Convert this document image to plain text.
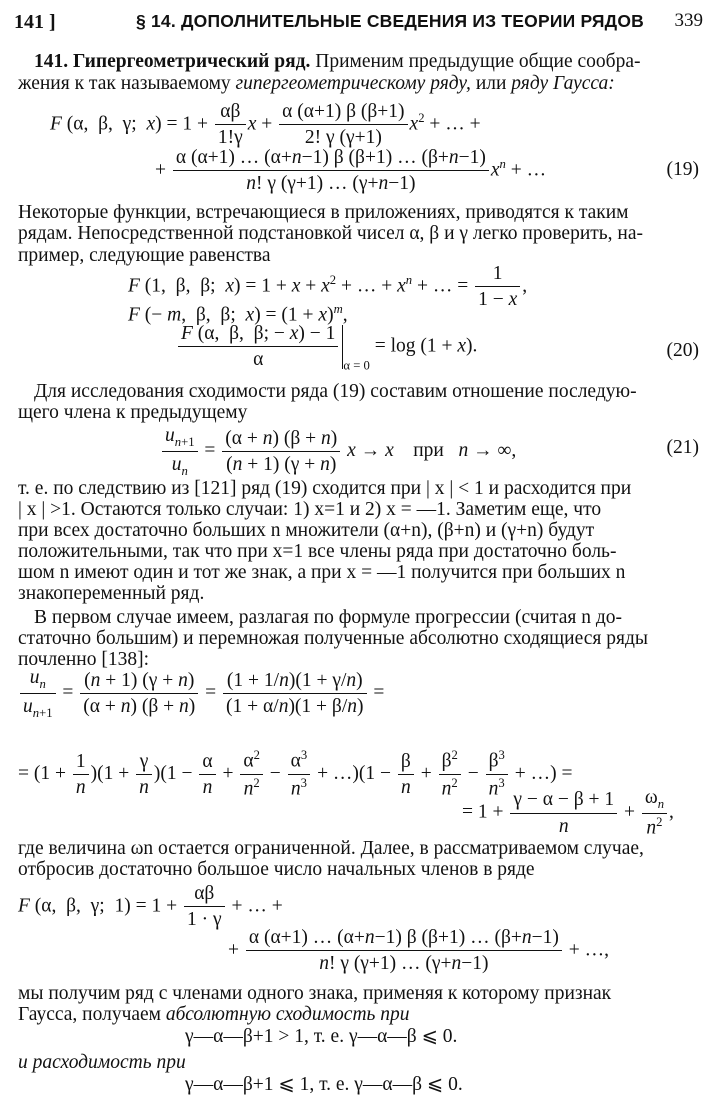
141 ]	§ 14. ДОПОЛНИТЕЛЬНЫЕ СВЕДЕНИЯ ИЗ ТЕОРИИ РЯДОВ 339
141. Гипергеометрический ряд. Применим предыдущие общие сообра-
жения к так называемому гипергеометрическому ряду, или ряду Гаусса:
F (α,  β,  γ;  $x) = 1 + \frac{\alpha\beta}{1!\gamma}$ $x + \frac{\alpha (\alpha+1) \beta (\beta+1)}{2! \gamma (\gamma+1)} x^2$ + … +
+ $\frac{\alpha (\alpha+1) \dots (\alpha+n-1) \beta (\beta+1) \dots (\beta+n-1)}{n! \gamma (\gamma+1) \dots (\gamma+n-1)} x^n$ + …	(19)
Некоторые функции, встречающиеся в приложениях, приводятся к таким
рядам. Непосредственной подстановкой чисел α, β и γ легко проверить, на-
пример, следующие равенства
F (1,  β,  β;  $x) = 1 + x + x^2$ + … + $x^n$ + … = $\frac{1}{1 - x}$ ,
F (− m,  β,  β;  $x) = (1 + x)^m$,
$\frac{F (\alpha, \beta, \beta; - x) - 1}{\alpha} _{\alpha = 0} = \log (1 + x)$.	(20)
Для исследования сходимости ряда (19) составим отношение последую-
щего члена к предыдущему
$\frac{u_{n+1}}{u_n} = \frac{(\alpha + n) (\beta + n)}{(n + 1) (\gamma + n)}$ x → x    при   n → ∞,	(21)
т. е. по следствию из [121] ряд (19) сходится при | x | < 1 и расходится при
| x | >1. Остаются только случаи: 1) x=1 и 2) x = —1. Заметим еще, что
при всех достаточно больших n множители (α+n), (β+n) и (γ+n) будут
положительными, так что при x=1 все члены ряда при достаточно боль-
шом n имеют один и тот же знак, а при x = —1 получится при больших n
знакопеременный ряд.
В первом случае имеем, разлагая по формуле прогрессии (считая n до-
статочно большим) и перемножая полученные абсолютно сходящиеся ряды
почленно [138]:
$\frac{u_n}{u_{n+1}} = \frac{(n + 1) (\gamma + n)}{(\alpha + n) (\beta + n)} = \frac{(1 + 1/n)(1 + \gamma/n)}{(1 + \alpha/n)(1 + \beta/n)}$ =
= $(1 + \frac{1}{n} )(1 + \frac{\gamma}{n} )(1 - \frac{\alpha}{n} + \frac{\alpha^2}{n^2} - \frac{\alpha^3}{n^3}$ + …)(1 − $\frac{\beta}{n} + \frac{\beta^2}{n^2} - \frac{\beta^3}{n^3}$ + …) =
= $1 + \frac{\gamma - \alpha - \beta + 1}{n} + \frac{\omega_n}{n^2}$ ,
где величина ωn остается ограниченной. Далее, в рассматриваемом случае,
отбросив достаточно большое число начальных членов в ряде
F (α,  β,  γ;  $1) = 1 + \frac{\alpha\beta}{1 \cdot \gamma}$ + … +
+ $\frac{\alpha (\alpha+1) \dots (\alpha+n-1) \beta (\beta+1) \dots (\beta+n-1)}{n! \gamma (\gamma+1) \dots (\gamma+n-1)}$ + …,
мы получим ряд с членами одного знака, применяя к которому признак
Гаусса, получаем абсолютную сходимость при
γ—α—β+1 > 1, т. е. γ—α—β ⩽ 0.
и расходимость при
γ—α—β+1 ⩽ 1, т. е. γ—α—β ⩽ 0.
